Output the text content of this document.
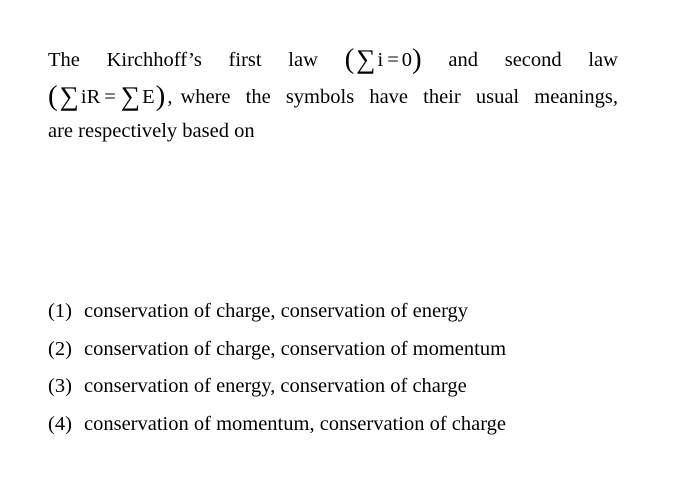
The Kirchhoff’s first law ( ∑ i = 0 ) and second law
( ∑ iR = ∑ E ) , where the symbols have their usual meanings,
are respectively based on
(1) conservation of charge, conservation of energy
(2) conservation of charge, conservation of momentum
(3) conservation of energy, conservation of charge
(4) conservation of momentum, conservation of charge
